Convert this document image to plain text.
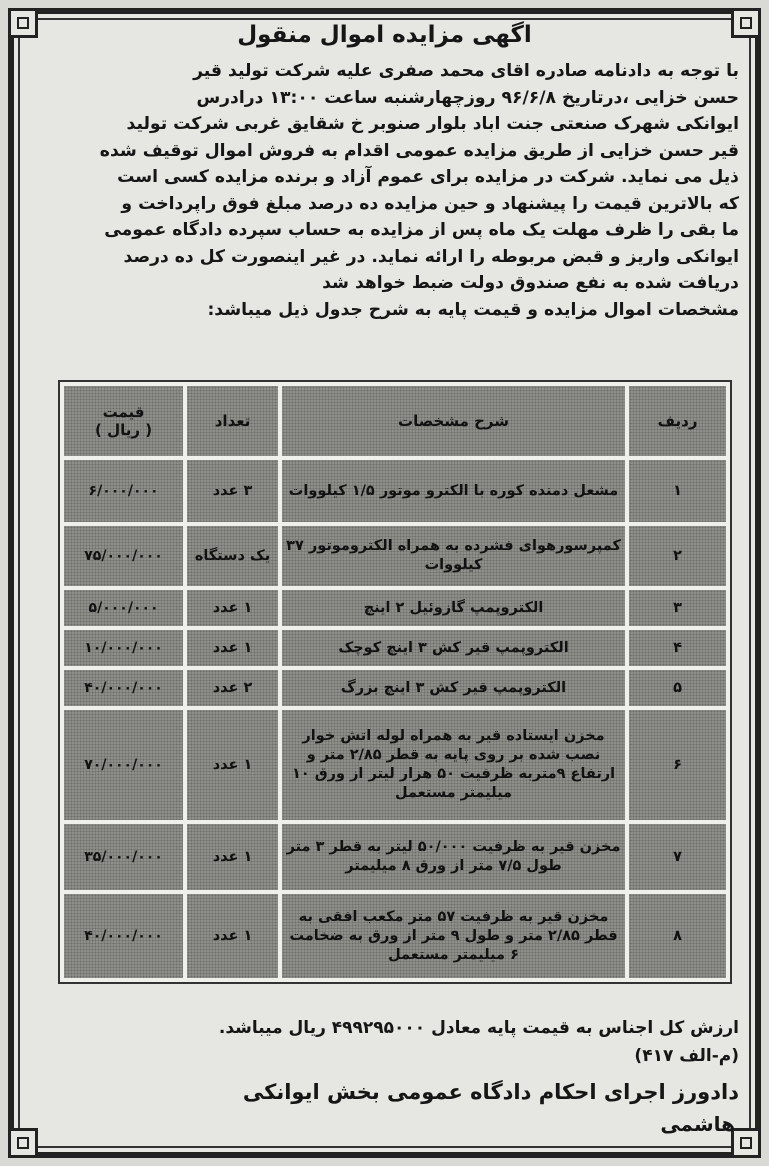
اگهی مزایده اموال منقول
با توجه به دادنامه صادره اقای محمد صفری علیه شرکت تولید قیر
حسن خزایی ،درتاریخ ۹۶/۶/۸ روزچهارشنبه ساعت ۱۳:۰۰ درادرس
ایوانکی شهرک صنعتی جنت اباد بلوار صنوبر خ شقایق غربی شرکت تولید
قیر حسن خزایی از طریق مزایده عمومی اقدام به فروش اموال توقیف شده
ذیل می نماید. شرکت در مزایده برای عموم آزاد و برنده مزایده کسی است
که بالاترین قیمت را پیشنهاد و حین مزایده ده درصد مبلغ فوق راپرداخت و
ما بقی را ظرف مهلت یک ماه پس از مزایده به حساب سپرده دادگاه عمومی
ایوانکی واریز و قبض مربوطه را ارائه نماید. در غیر اینصورت کل ده درصد
دریافت شده به نفع صندوق دولت ضبط خواهد شد
مشخصات اموال مزایده و قیمت پایه به شرح جدول ذیل میباشد:
ردیف	شرح مشخصات	تعداد	قیمت
( ریال )
۱	مشعل دمنده کوره با الکترو موتور ۱/۵ کیلووات	۳ عدد	۶/۰۰۰/۰۰۰
۲	کمپرسورهوای فشرده به همراه الکتروموتور ۳۷ کیلووات	یک دستگاه	۷۵/۰۰۰/۰۰۰
۳	الکتروپمپ گازوئیل ۲ اینچ	۱ عدد	۵/۰۰۰/۰۰۰
۴	الکتروپمپ قیر کش ۳ اینچ کوچک	۱ عدد	۱۰/۰۰۰/۰۰۰
۵	الکتروپمپ قیر کش ۳ اینچ بزرگ	۲ عدد	۴۰/۰۰۰/۰۰۰
۶	مخزن ایستاده قیر به همراه لوله اتش خوار نصب شده بر روی پایه به قطر ۲/۸۵ متر و ارتفاع ۹متربه ظرفیت ۵۰ هزار لیتر از ورق ۱۰ میلیمتر مستعمل	۱ عدد	۷۰/۰۰۰/۰۰۰
۷	مخزن قیر به ظرفیت ۵۰/۰۰۰ لیتر به قطر ۳ متر طول ۷/۵ متر از ورق ۸ میلیمتر	۱ عدد	۳۵/۰۰۰/۰۰۰
۸	مخزن قیر به ظرفیت ۵۷ متر مکعب افقی به قطر ۲/۸۵ متر و طول ۹ متر از ورق به ضخامت ۶ میلیمتر مستعمل	۱ عدد	۴۰/۰۰۰/۰۰۰
ارزش کل اجناس به قیمت پایه معادل ۴۹۹۲۹۵۰۰۰ ریال میباشد.
(م-الف ۴۱۷)
دادورز اجرای احکام دادگاه عمومی بخش ایوانکی
هاشمی
